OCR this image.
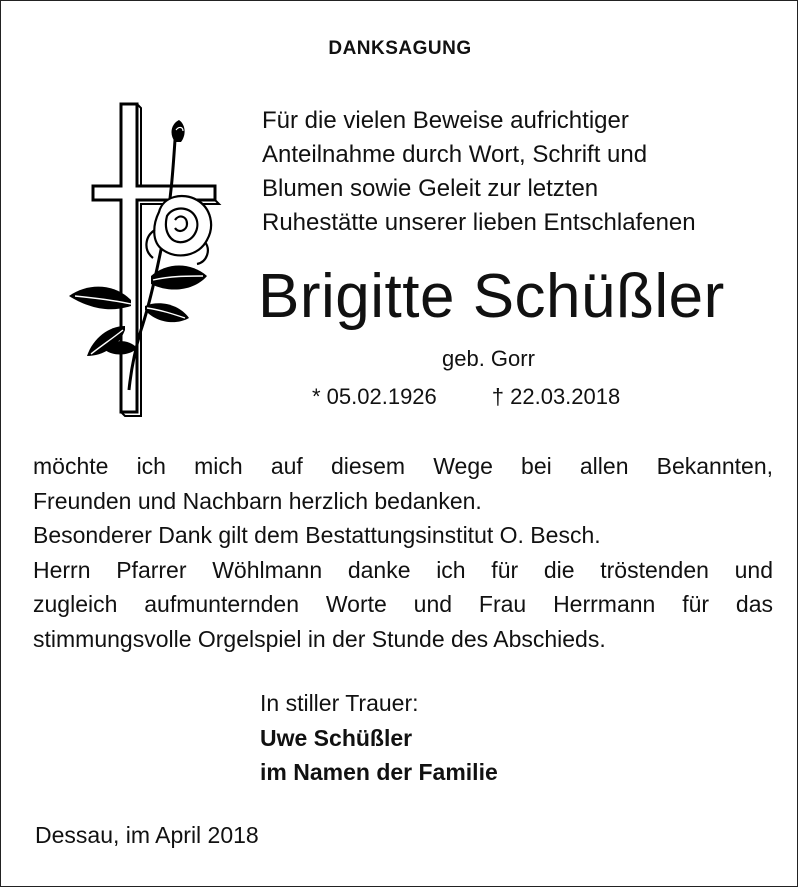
DANKSAGUNG
Für die vielen Beweise aufrichtiger
Anteilnahme durch Wort, Schrift und
Blumen sowie Geleit zur letzten
Ruhestätte unserer lieben Entschlafenen
Brigitte Schüßler
geb. Gorr
* 05.02.1926	† 22.03.2018
möchte ich mich auf diesem Wege bei allen Bekannten,
Freunden und Nachbarn herzlich bedanken.
Besonderer Dank gilt dem Bestattungsinstitut O. Besch.
Herrn Pfarrer Wöhlmann danke ich für die tröstenden und
zugleich aufmunternden Worte und Frau Herrmann für das
stimmungsvolle Orgelspiel in der Stunde des Abschieds.
In stiller Trauer:
Uwe Schüßler
im Namen der Familie
Dessau, im April 2018
